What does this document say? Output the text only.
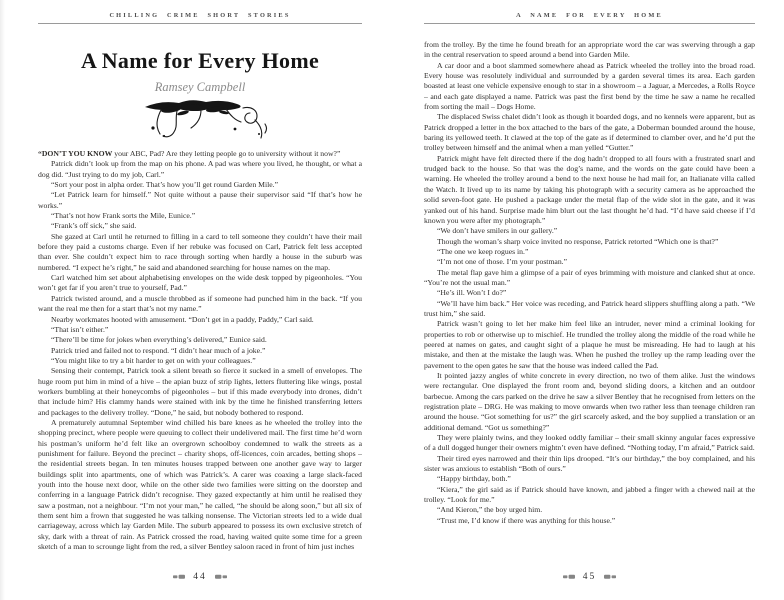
CHILLING CRIME SHORT STORIES
A Name for Every Home
Ramsey Campbell

“DON’T YOU KNOW your ABC, Pad? Are they letting people go to university without it now?”

Patrick didn’t look up from the map on his phone. A pad was where you lived, he thought, or what a dog did. “Just trying to do my job, Carl.”

“Sort your post in alpha order. That’s how you’ll get round Garden Mile.”

“Let Patrick learn for himself.” Not quite without a pause their supervisor said “If that’s how he works.”

“That’s not how Frank sorts the Mile, Eunice.”

“Frank’s off sick,” she said.

She gazed at Carl until he returned to filling in a card to tell someone they couldn’t have their mail before they paid a customs charge. Even if her rebuke was focused on Carl, Patrick felt less accepted than ever. She couldn’t expect him to race through sorting when hardly a house in the suburb was numbered. “I expect he’s right,” he said and abandoned searching for house names on the map.

Carl watched him set about alphabetising envelopes on the wide desk topped by pigeonholes. “You won’t get far if you aren’t true to yourself, Pad.”

Patrick twisted around, and a muscle throbbed as if someone had punched him in the back. “If you want the real me then for a start that’s not my name.”

Nearby workmates hooted with amusement. “Don’t get in a paddy, Paddy,” Carl said.

“That isn’t either.”

“There’ll be time for jokes when everything’s delivered,” Eunice said.

Patrick tried and failed not to respond. “I didn’t hear much of a joke.”

“You might like to try a bit harder to get on with your colleagues.”

Sensing their contempt, Patrick took a silent breath so fierce it sucked in a smell of envelopes. The huge room put him in mind of a hive – the apian buzz of strip lights, letters fluttering like wings, postal workers bumbling at their honeycombs of pigeonholes – but if this made everybody into drones, didn’t that include him? His clammy hands were stained with ink by the time he finished transferring letters and packages to the delivery trolley. “Done,” he said, but nobody bothered to respond.

A prematurely autumnal September wind chilled his bare knees as he wheeled the trolley into the shopping precinct, where people were queuing to collect their undelivered mail. The first time he’d worn his postman’s uniform he’d felt like an overgrown schoolboy condemned to walk the streets as a punishment for failure. Beyond the precinct – charity shops, off-licences, coin arcades, betting shops – the residential streets began. In ten minutes houses trapped between one another gave way to larger buildings split into apartments, one of which was Patrick’s. A carer was coaxing a large slack-faced youth into the house next door, while on the other side two families were sitting on the doorstep and conferring in a language Patrick didn’t recognise. They gazed expectantly at him until he realised they saw a postman, not a neighbour. “I’m not your man,” he called, “he should be along soon,” but all six of them sent him a frown that suggested he was talking nonsense. The Victorian streets led to a wide dual carriageway, across which lay Garden Mile. The suburb appeared to possess its own exclusive stretch of sky, dark with a threat of rain. As Patrick crossed the road, having waited quite some time for a green sketch of a man to scrounge light from the red, a silver Bentley saloon raced in front of him just inches

44
A NAME FOR EVERY HOME

from the trolley. By the time he found breath for an appropriate word the car was swerving through a gap in the central reservation to speed around a bend into Garden Mile.

A car door and a boot slammed somewhere ahead as Patrick wheeled the trolley into the broad road. Every house was resolutely individual and surrounded by a garden several times its area. Each garden boasted at least one vehicle expensive enough to star in a showroom – a Jaguar, a Mercedes, a Rolls Royce – and each gate displayed a name. Patrick was past the first bend by the time he saw a name he recalled from sorting the mail – Dogs Home.

The displaced Swiss chalet didn’t look as though it boarded dogs, and no kennels were apparent, but as Patrick dropped a letter in the box attached to the bars of the gate, a Doberman bounded around the house, baring its yellowed teeth. It clawed at the top of the gate as if determined to clamber over, and he’d put the trolley between himself and the animal when a man yelled “Gutter.”

Patrick might have felt directed there if the dog hadn’t dropped to all fours with a frustrated snarl and trudged back to the house. So that was the dog’s name, and the words on the gate could have been a warning. He wheeled the trolley around a bend to the next house he had mail for, an Italianate villa called the Watch. It lived up to its name by taking his photograph with a security camera as he approached the solid seven-foot gate. He pushed a package under the metal flap of the wide slot in the gate, and it was yanked out of his hand. Surprise made him blurt out the last thought he’d had. “I’d have said cheese if I’d known you were after my photograph.”

“We don’t have smilers in our gallery.”

Though the woman’s sharp voice invited no response, Patrick retorted “Which one is that?”

“The one we keep rogues in.”

“I’m not one of those. I’m your postman.”

The metal flap gave him a glimpse of a pair of eyes brimming with moisture and clanked shut at once. “You’re not the usual man.”

“He’s ill. Won’t I do?”

“We’ll have him back.” Her voice was receding, and Patrick heard slippers shuffling along a path. “We trust him,” she said.

Patrick wasn’t going to let her make him feel like an intruder, never mind a criminal looking for properties to rob or otherwise up to mischief. He trundled the trolley along the middle of the road while he peered at names on gates, and caught sight of a plaque he must be misreading. He had to laugh at his mistake, and then at the mistake the laugh was. When he pushed the trolley up the ramp leading over the pavement to the open gates he saw that the house was indeed called the Pad.

It pointed jazzy angles of white concrete in every direction, no two of them alike. Just the windows were rectangular. One displayed the front room and, beyond sliding doors, a kitchen and an outdoor barbecue. Among the cars parked on the drive he saw a silver Bentley that he recognised from letters on the registration plate – DRG. He was making to move onwards when two rather less than teenage children ran around the house. “Got something for us?” the girl scarcely asked, and the boy supplied a translation or an additional demand. “Got us something?”

They were plainly twins, and they looked oddly familiar – their small skinny angular faces expressive of a dull dogged hunger their owners mightn’t even have defined. “Nothing today, I’m afraid,” Patrick said.

Their tired eyes narrowed and their thin lips drooped. “It’s our birthday,” the boy complained, and his sister was anxious to establish “Both of ours.”

“Happy birthday, both.”

“Kiera,” the girl said as if Patrick should have known, and jabbed a finger with a chewed nail at the trolley. “Look for me.”

“And Kieron,” the boy urged him.

“Trust me, I’d know if there was anything for this house.”

45
